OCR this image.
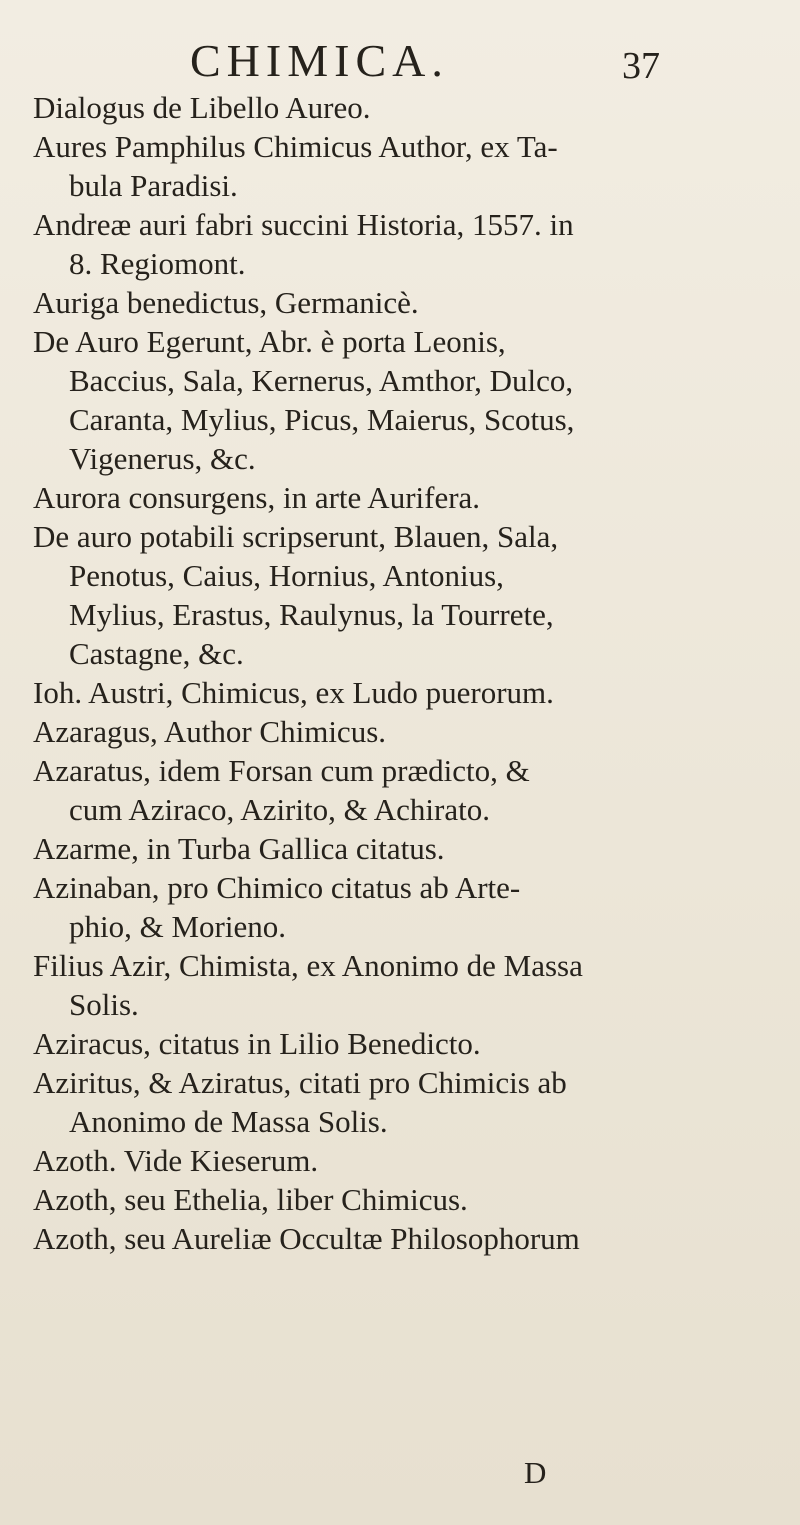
CHIMICA.	37
Dialogus de Libello Aureo.
Aures Pamphilus Chimicus Author, ex Ta-
bula Paradisi.
Andreæ auri fabri succini Historia, 1557. in
8. Regiomont.
Auriga benedictus, Germanicè.
De Auro Egerunt, Abr. è porta Leonis,
Baccius, Sala, Kernerus, Amthor, Dulco,
Caranta, Mylius, Picus, Maierus, Scotus,
Vigenerus, &c.
Aurora consurgens, in arte Aurifera.
De auro potabili scripserunt, Blauen, Sala,
Penotus, Caius, Hornius, Antonius,
Mylius, Erastus, Raulynus, la Tourrete,
Castagne, &c.
Ioh. Austri, Chimicus, ex Ludo puerorum.
Azaragus, Author Chimicus.
Azaratus, idem Forsan cum prædicto, &
cum Aziraco, Azirito, & Achirato.
Azarme, in Turba Gallica citatus.
Azinaban, pro Chimico citatus ab Arte-
phio, & Morieno.
Filius Azir, Chimista, ex Anonimo de Massa
Solis.
Aziracus, citatus in Lilio Benedicto.
Aziritus, & Aziratus, citati pro Chimicis ab
Anonimo de Massa Solis.
Azoth. Vide Kieserum.
Azoth, seu Ethelia, liber Chimicus.
Azoth, seu Aureliæ Occultæ Philosophorum
D
